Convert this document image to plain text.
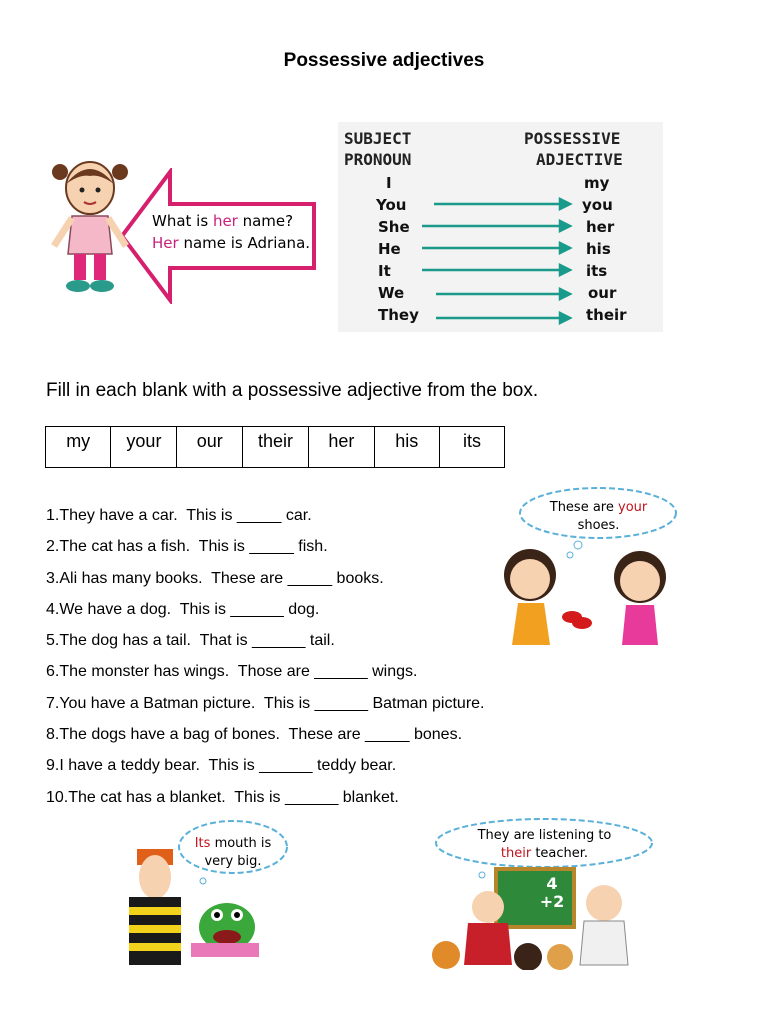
Possessive adjectives
What is her name?
Her name is Adriana.
SUBJECT
PRONOUN
POSSESSIVE
ADJECTIVE
I	my
You	you
She	her
He	his
It	its
We	our
They	their
Fill in each blank with a possessive adjective from the box.
my	your	our	their	her	his	its
1.They have a car.  This is _____ car.
2.The cat has a fish.  This is _____ fish.
3.Ali has many books.  These are _____ books.
4.We have a dog.  This is ______ dog.
5.The dog has a tail.  That is ______ tail.
6.The monster has wings.  Those are ______ wings.
7.You have a Batman picture.  This is ______ Batman picture.
8.The dogs have a bag of bones.  These are _____ bones.
9.I have a teddy bear.  This is ______ teddy bear.
10.The cat has a blanket.  This is ______ blanket.
These are your
shoes.
Its mouth is
very big.
4 +2
They are listening to
their teacher.
